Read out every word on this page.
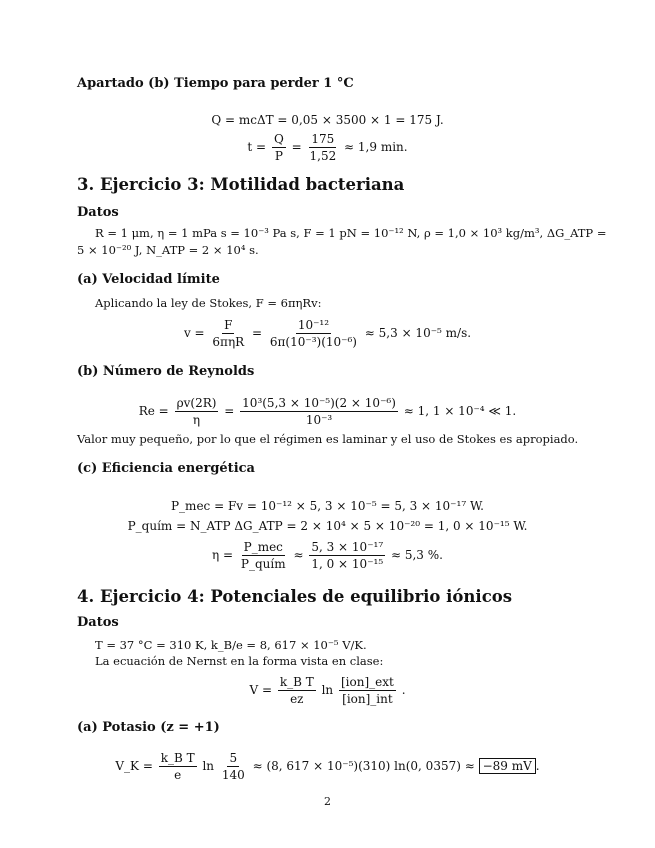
Apartado (b) Tiempo para perder 1 °C
Q = mcΔT = 0,05 × 3500 × 1 = 175 J.
$t = \frac{Q}{P} = \frac{175}{1,52} \approx 1,9$ min.
3. Ejercicio 3: Motilidad bacteriana
Datos
R = 1 μm, η = 1 mPa s = 10⁻³ Pa s, F = 1 pN = 10⁻¹² N, ρ = 1,0 × 10³ kg/m³, ΔG_ATP =
5 × 10⁻²⁰ J, N_ATP = 2 × 10⁴ s.
(a) Velocidad límite
Aplicando la ley de Stokes, F = 6πηRv:
$v = \frac{F}{\text{6πηR}} = \frac{\text{10⁻¹²}}{\text{6π(10⁻³)(10⁻⁶)}} \approx 5,3 \times 10^{-5}$ m/s.
(b) Número de Reynolds
$Re = \frac{\rho v(2R)}{\eta} = \frac{\text{10³(5,3 × 10⁻⁵)(2 × 10⁻⁶)}}{\text{10⁻³}} \approx 1$, 1 × 10⁻⁴ ≪ 1.
Valor muy pequeño, por lo que el régimen es laminar y el uso de Stokes es apropiado.
(c) Eficiencia energética
P_mec = Fv = 10⁻¹² × 5, 3 × 10⁻⁵ = 5, 3 × 10⁻¹⁷ W.
P_quím = N_ATP ΔG_ATP = 2 × 10⁴ × 5 × 10⁻²⁰ = 1, 0 × 10⁻¹⁵ W.
$\eta = \frac{\text{P\_mec}}{\text{P\_quím}} \approx \frac{\text{5, 3 × 10⁻¹⁷}}{\text{1, 0 × 10⁻¹⁵}} \approx 5,3$ %.
4. Ejercicio 4: Potenciales de equilibrio iónicos
Datos
T = 37 °C = 310 K, k_B/e = 8, 617 × 10⁻⁵ V/K.
La ecuación de Nernst en la forma vista en clase:
$V = \frac{\text{k\_B T}}{ez}$ $\ln \frac{\text{[ion]\_ext}}{\text{[ion]\_int}}$ .
(a) Potasio (z = +1)
V_K = $\frac{\text{k\_B T}}{e}$ $\ln \frac{5}{140} \approx (8$, 617 × 10⁻⁵)(310) ln(0, 0357) ≈ −89 mV .
2
